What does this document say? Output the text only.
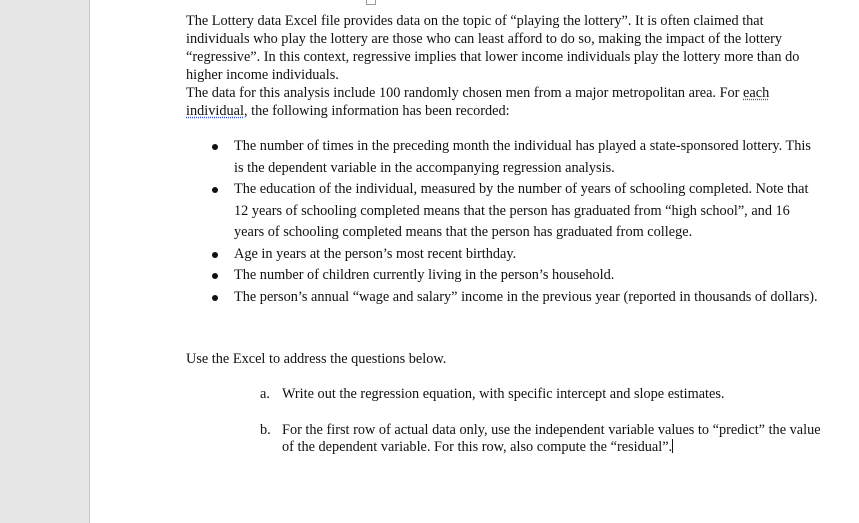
The Lottery data Excel file provides data on the topic of “playing the lottery”. It is often claimed that individuals who play the lottery are those who can least afford to do so, making the impact of the lottery “regressive”. In this context, regressive implies that lower income individuals play the lottery more than do higher income individuals.

The data for this analysis include 100 randomly chosen men from a major metropolitan area. For each individual, the following information has been recorded:

The number of times in the preceding month the individual has played a state-sponsored lottery. This is the dependent variable in the accompanying regression analysis.
The education of the individual, measured by the number of years of schooling completed. Note that 12 years of schooling completed means that the person has graduated from “high school”, and 16 years of schooling completed means that the person has graduated from college.
Age in years at the person’s most recent birthday.
The number of children currently living in the person’s household.
The person’s annual “wage and salary” income in the previous year (reported in thousands of dollars).

Use the Excel to address the questions below.

a. Write out the regression equation, with specific intercept and slope estimates.
b. For the first row of actual data only, use the independent variable values to “predict” the value of the dependent variable. For this row, also compute the “residual”.
